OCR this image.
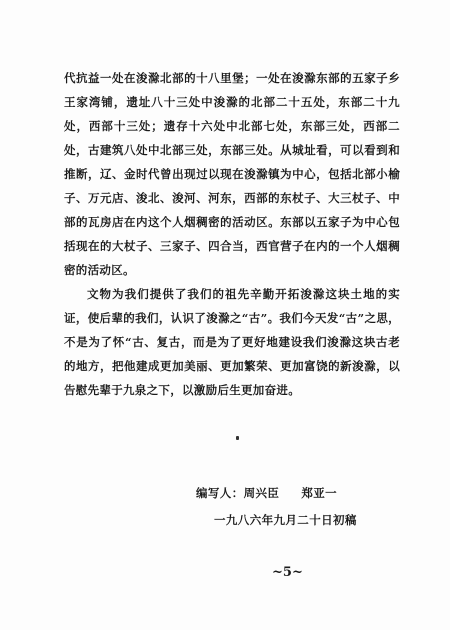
代抗益一处在浚滁北部的十八里堡；一处在浚滁东部的五家子乡王家湾铺，遗址八十三处中浚滁的北部二十五处，东部二十九处，西部十三处；遗存十六处中北部七处，东部三处，西部二处，古建筑八处中北部三处，东部三处。从城址看，可以看到和推断，辽、金时代曾出现过以现在浚滁镇为中心，包括北部小榆子、万元店、浚北、浚河、河东，西部的东杖子、大三杖子、中部的瓦房店在内这个人烟稠密的活动区。东部以五家子为中心包括现在的大杖子、三家子、四合当，西官营子在内的一个人烟稠密的活动区。

文物为我们提供了我们的祖先辛勤开拓浚滁这块土地的实证，使后辈的我们，认识了浚滁之“古”。我们今天发“古”之思，不是为了怀“古、复古，而是为了更好地建设我们浚滁这块古老的地方，把他建成更加美丽、更加繁荣、更加富饶的新浚滁，以告慰先辈于九泉之下，以激励后生更加奋进。

编写人：周兴臣 郑亚一
一九八六年九月二十日初稿
~5~
